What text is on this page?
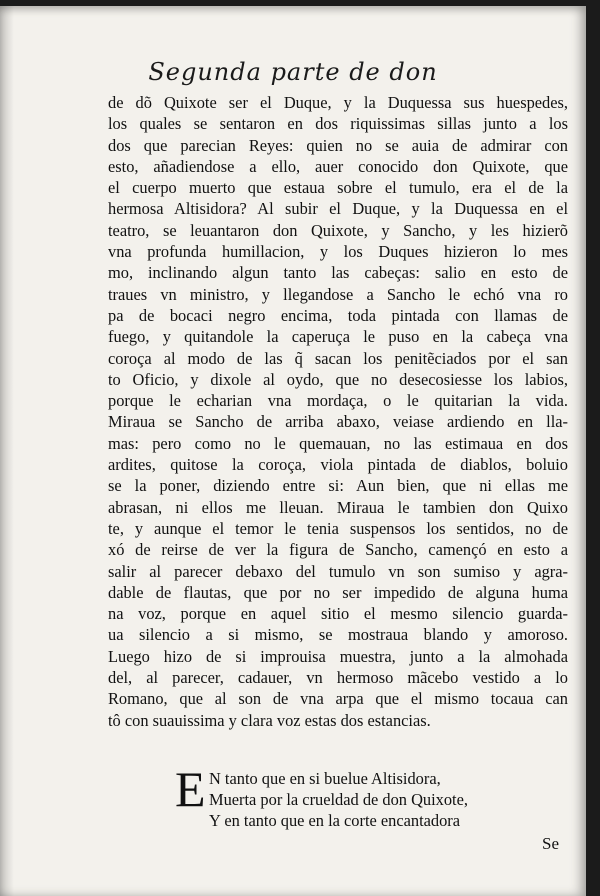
Segunda parte de don
de dõ Quixote ser el Duque, y la Duquessa sus huespedes,
los quales se sentaron en dos riquissimas sillas junto a los
dos que parecian Reyes: quien no se auia de admirar con
esto, añadiendose a ello, auer conocido don Quixote, que
el cuerpo muerto que estaua sobre el tumulo, era el de la
hermosa Altisidora? Al subir el Duque, y la Duquessa en el
teatro, se leuantaron don Quixote, y Sancho, y les hizierõ
vna profunda humillacion, y los Duques hizieron lo mes
mo, inclinando algun tanto las cabeças: salio en esto de
traues vn ministro, y llegandose a Sancho le echó vna ro
pa de bocaci negro encima, toda pintada con llamas de
fuego, y quitandole la caperuça le puso en la cabeça vna
coroça al modo de las q̃ sacan los penitẽciados por el san
to Oficio, y dixole al oydo, que no desecosiesse los labios,
porque le echarian vna mordaça, o le quitarian la vida.
Miraua se Sancho de arriba abaxo, veiase ardiendo en lla-
mas: pero como no le quemauan, no las estimaua en dos
ardites, quitose la coroça, viola pintada de diablos, boluio
se la poner, diziendo entre si: Aun bien, que ni ellas me
abrasan, ni ellos me lleuan. Miraua le tambien don Quixo
te, y aunque el temor le tenia suspensos los sentidos, no de
xó de reirse de ver la figura de Sancho, camençó en esto a
salir al parecer debaxo del tumulo vn son sumiso y agra-
dable de flautas, que por no ser impedido de alguna huma
na voz, porque en aquel sitio el mesmo silencio guarda-
ua silencio a si mismo, se mostraua blando y amoroso.
Luego hizo de si improuisa muestra, junto a la almohada
del, al parecer, cadauer, vn hermoso mãcebo vestido a lo
Romano, que al son de vna arpa que el mismo tocaua can
tô con suauissima y clara voz estas dos estancias.
E N tanto que en si buelue Altisidora,
Muerta por la crueldad de don Quixote,
Y en tanto que en la corte encantadora
Se
